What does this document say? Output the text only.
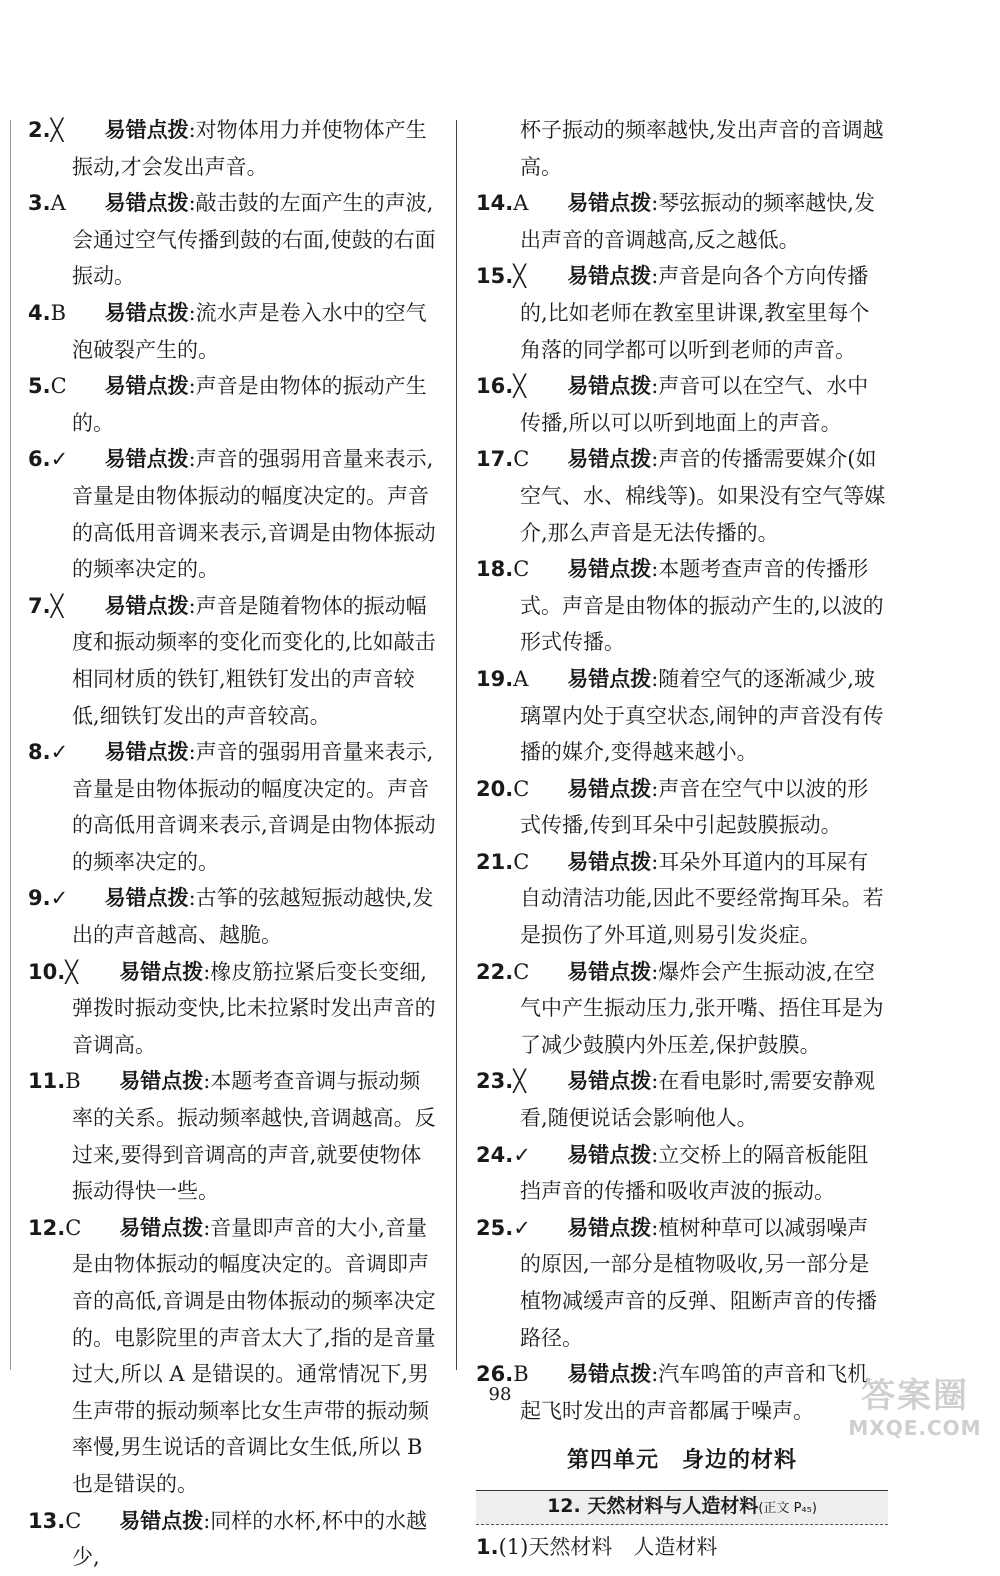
2.╳ 易错点拨:对物体用力并使物体产生振动,才会发出声音。

3.A 易错点拨:敲击鼓的左面产生的声波,会通过空气传播到鼓的右面,使鼓的右面振动。

4.B 易错点拨:流水声是卷入水中的空气泡破裂产生的。

5.C 易错点拨:声音是由物体的振动产生的。

6.✓ 易错点拨:声音的强弱用音量来表示,音量是由物体振动的幅度决定的。声音的高低用音调来表示,音调是由物体振动的频率决定的。

7.╳ 易错点拨:声音是随着物体的振动幅度和振动频率的变化而变化的,比如敲击相同材质的铁钉,粗铁钉发出的声音较低,细铁钉发出的声音较高。

8.✓ 易错点拨:声音的强弱用音量来表示,音量是由物体振动的幅度决定的。声音的高低用音调来表示,音调是由物体振动的频率决定的。

9.✓ 易错点拨:古筝的弦越短振动越快,发出的声音越高、越脆。

10.╳ 易错点拨:橡皮筋拉紧后变长变细,弹拨时振动变快,比未拉紧时发出声音的音调高。

11.B 易错点拨:本题考查音调与振动频率的关系。振动频率越快,音调越高。反过来,要得到音调高的声音,就要使物体振动得快一些。

12.C 易错点拨:音量即声音的大小,音量是由物体振动的幅度决定的。音调即声音的高低,音调是由物体振动的频率决定的。电影院里的声音太大了,指的是音量过大,所以 A 是错误的。通常情况下,男生声带的振动频率比女生声带的振动频率慢,男生说话的音调比女生低,所以 B 也是错误的。

13.C 易错点拨:同样的水杯,杯中的水越少,

杯子振动的频率越快,发出声音的音调越高。

14.A 易错点拨:琴弦振动的频率越快,发出声音的音调越高,反之越低。

15.╳ 易错点拨:声音是向各个方向传播的,比如老师在教室里讲课,教室里每个角落的同学都可以听到老师的声音。

16.╳ 易错点拨:声音可以在空气、水中传播,所以可以听到地面上的声音。

17.C 易错点拨:声音的传播需要媒介(如空气、水、棉线等)。如果没有空气等媒介,那么声音是无法传播的。

18.C 易错点拨:本题考查声音的传播形式。声音是由物体的振动产生的,以波的形式传播。

19.A 易错点拨:随着空气的逐渐减少,玻璃罩内处于真空状态,闹钟的声音没有传播的媒介,变得越来越小。

20.C 易错点拨:声音在空气中以波的形式传播,传到耳朵中引起鼓膜振动。

21.C 易错点拨:耳朵外耳道内的耳屎有自动清洁功能,因此不要经常掏耳朵。若是损伤了外耳道,则易引发炎症。

22.C 易错点拨:爆炸会产生振动波,在空气中产生振动压力,张开嘴、捂住耳是为了减少鼓膜内外压差,保护鼓膜。

23.╳ 易错点拨:在看电影时,需要安静观看,随便说话会影响他人。

24.✓ 易错点拨:立交桥上的隔音板能阻挡声音的传播和吸收声波的振动。

25.✓ 易错点拨:植树种草可以减弱噪声的原因,一部分是植物吸收,另一部分是植物减缓声音的反弹、阻断声音的传播路径。

26.B 易错点拨:汽车鸣笛的声音和飞机起飞时发出的声音都属于噪声。

第四单元　身边的材料
12. 天然材料与人造材料(正文 P₄₅)

1.(1)天然材料　人造材料

98	答案圈
MXQE.COM
